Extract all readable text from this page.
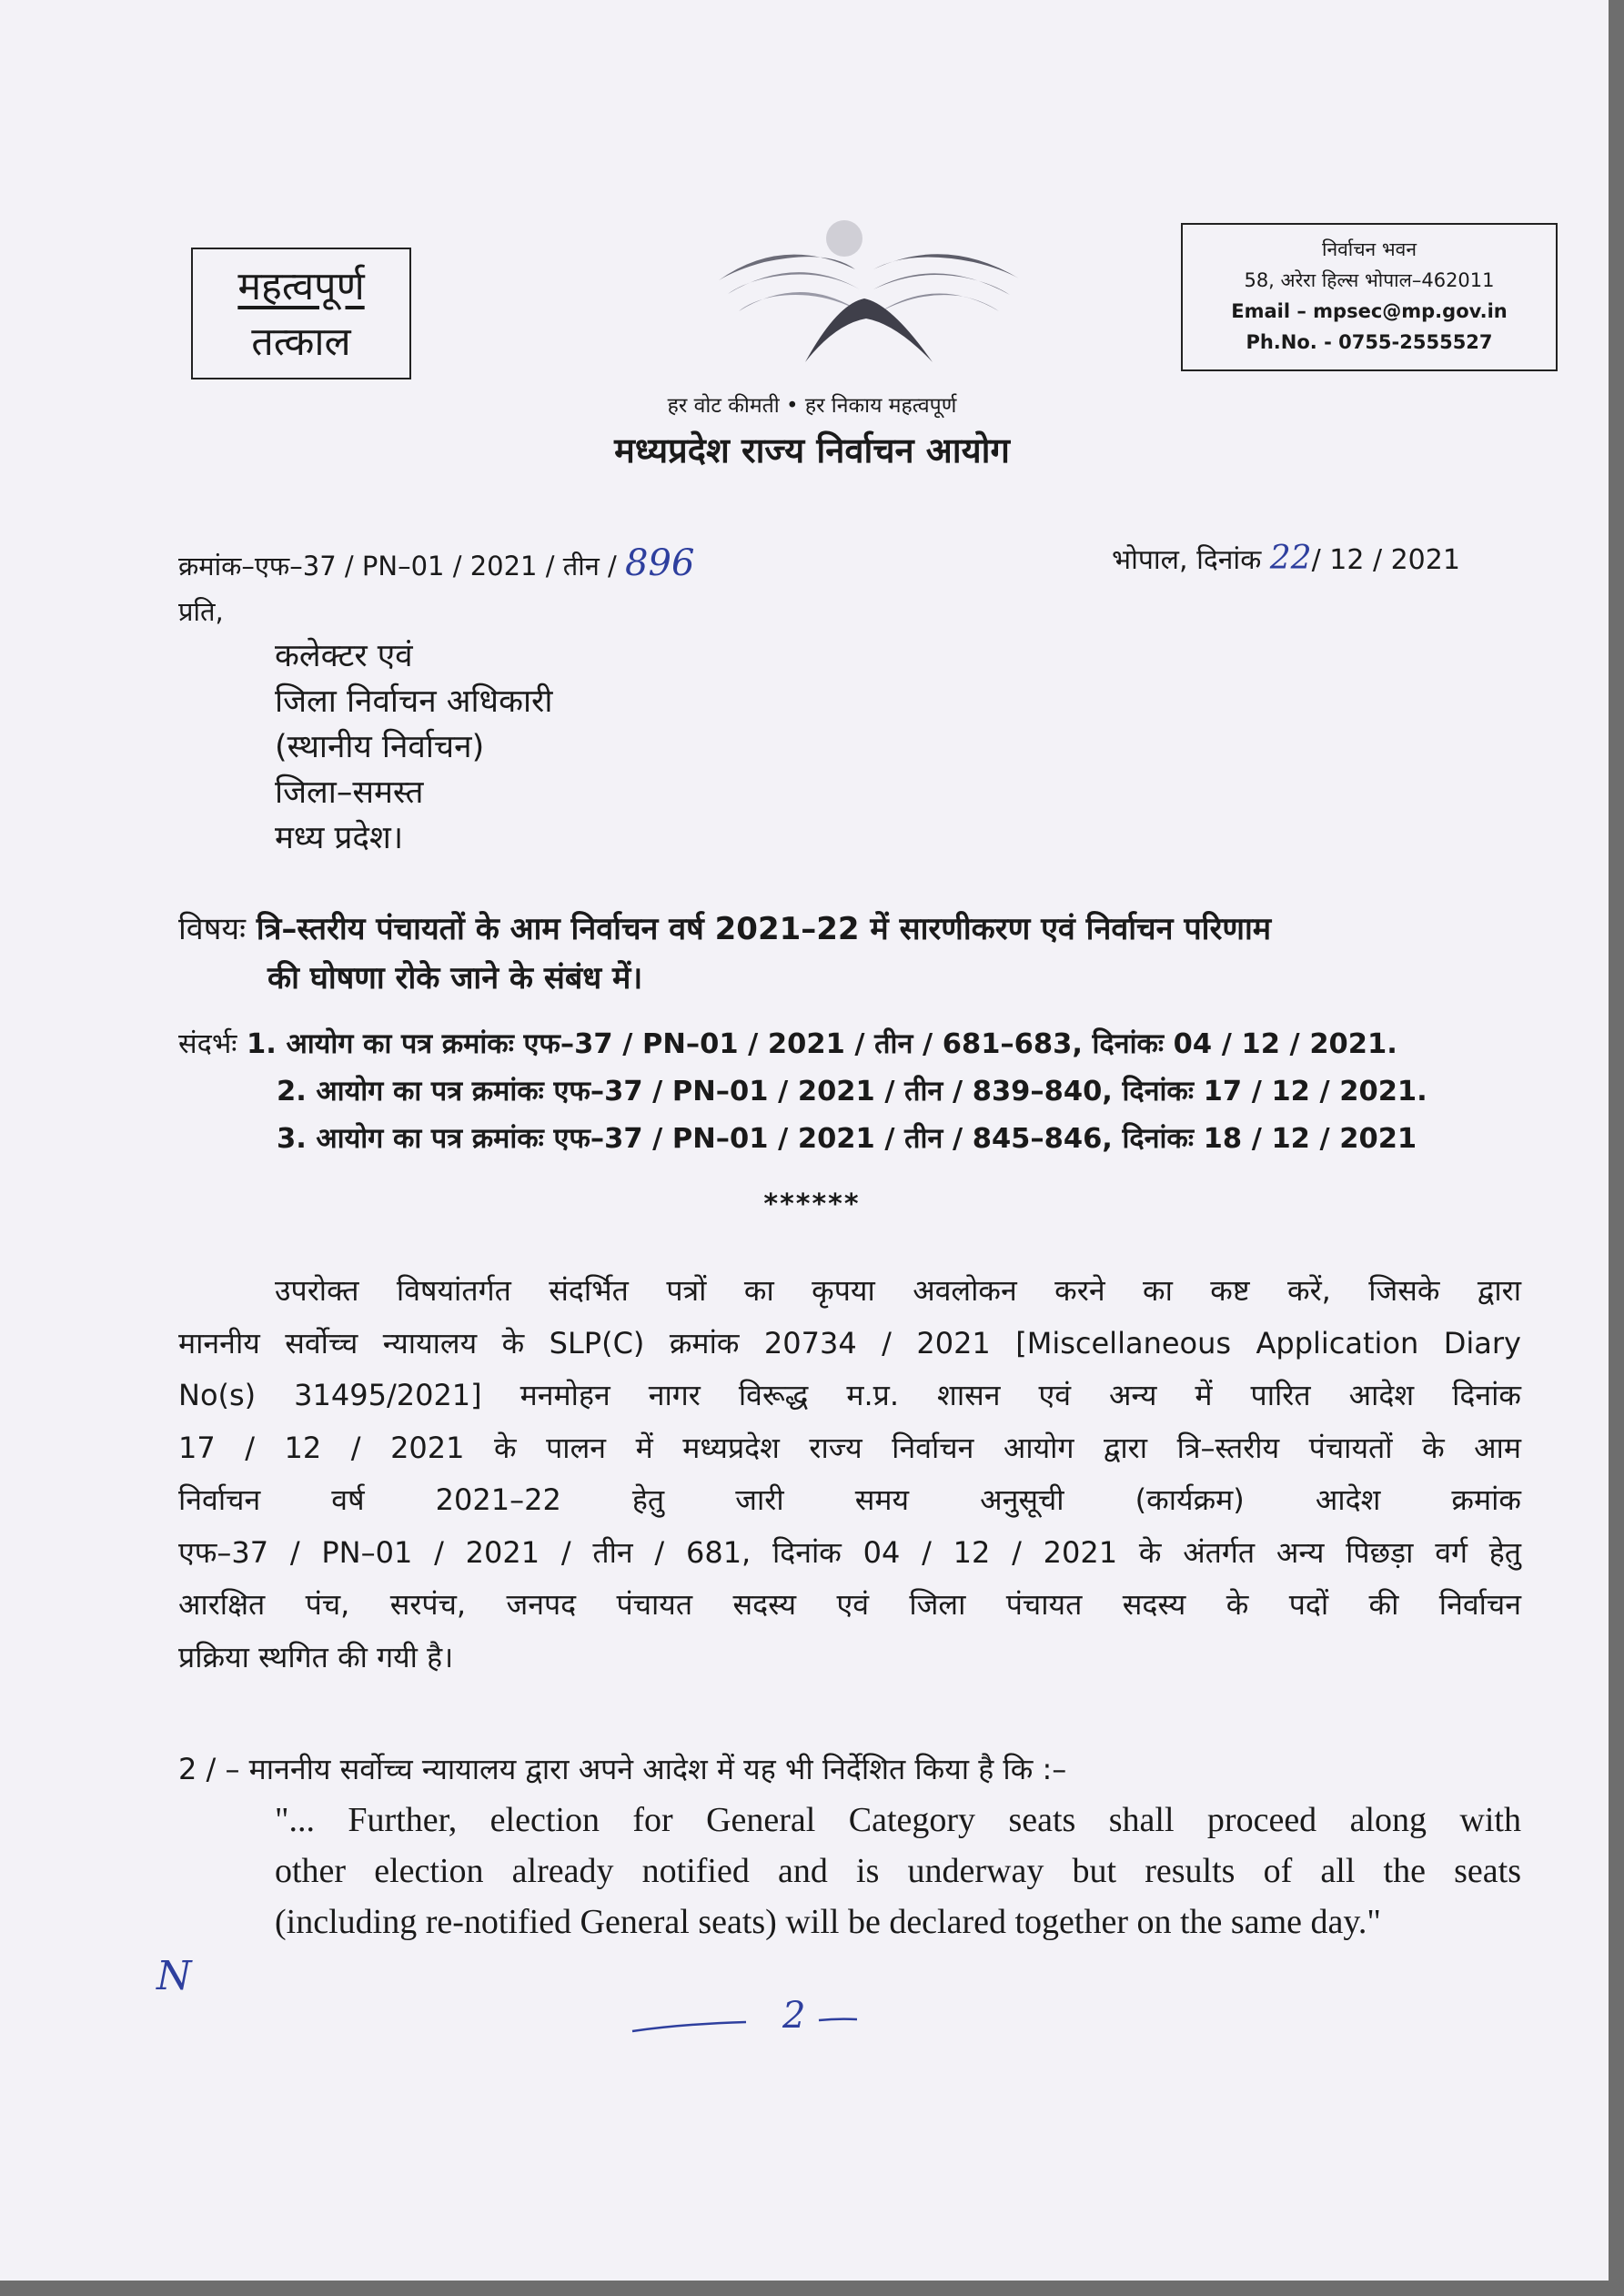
महत्वपूर्ण
तत्काल
निर्वाचन भवन
58, अरेरा हिल्स भोपाल–462011
Email – mpsec@mp.gov.in
Ph.No. - 0755-2555527
हर वोट कीमती • हर निकाय महत्वपूर्ण
मध्यप्रदेश राज्य निर्वाचन आयोग
क्रमांक–एफ–37 / PN–01 / 2021 / तीन / 896	भोपाल, दिनांक 22/ 12 / 2021
प्रति,
कलेक्टर एवं
जिला निर्वाचन अधिकारी
(स्थानीय निर्वाचन)
जिला–समस्त
मध्य प्रदेश।
विषयः त्रि–स्तरीय पंचायतों के आम निर्वाचन वर्ष 2021–22 में सारणीकरण एवं निर्वाचन परिणाम
की घोषणा रोके जाने के संबंध में।
संदर्भः 1. आयोग का पत्र क्रमांकः एफ–37 / PN–01 / 2021 / तीन / 681–683, दिनांकः 04 / 12 / 2021.
2. आयोग का पत्र क्रमांकः एफ–37 / PN–01 / 2021 / तीन / 839–840, दिनांकः 17 / 12 / 2021.
3. आयोग का पत्र क्रमांकः एफ–37 / PN–01 / 2021 / तीन / 845–846, दिनांकः 18 / 12 / 2021
******
उपरोक्त विषयांतर्गत संदर्भित पत्रों का कृपया अवलोकन करने का कष्ट करें, जिसके द्वारा
माननीय सर्वोच्च न्यायालय के SLP(C) क्रमांक 20734 / 2021 [Miscellaneous Application Diary
No(s) 31495/2021] मनमोहन नागर विरूद्ध म.प्र. शासन एवं अन्य में पारित आदेश दिनांक
17 / 12 / 2021 के पालन में मध्यप्रदेश राज्य निर्वाचन आयोग द्वारा त्रि–स्तरीय पंचायतों के आम
निर्वाचन वर्ष 2021–22 हेतु जारी समय अनुसूची (कार्यक्रम) आदेश क्रमांक
एफ–37 / PN–01 / 2021 / तीन / 681, दिनांक 04 / 12 / 2021 के अंतर्गत अन्य पिछड़ा वर्ग हेतु
आरक्षित पंच, सरपंच, जनपद पंचायत सदस्य एवं जिला पंचायत सदस्य के पदों की निर्वाचन
प्रक्रिया स्थगित की गयी है।
2 / – माननीय सर्वोच्च न्यायालय द्वारा अपने आदेश में यह भी निर्देशित किया है कि :–
"... Further, election for General Category seats shall proceed along with
other election already notified and is underway but results of all the seats
(including re-notified General seats) will be declared together on the same day."
N
2
